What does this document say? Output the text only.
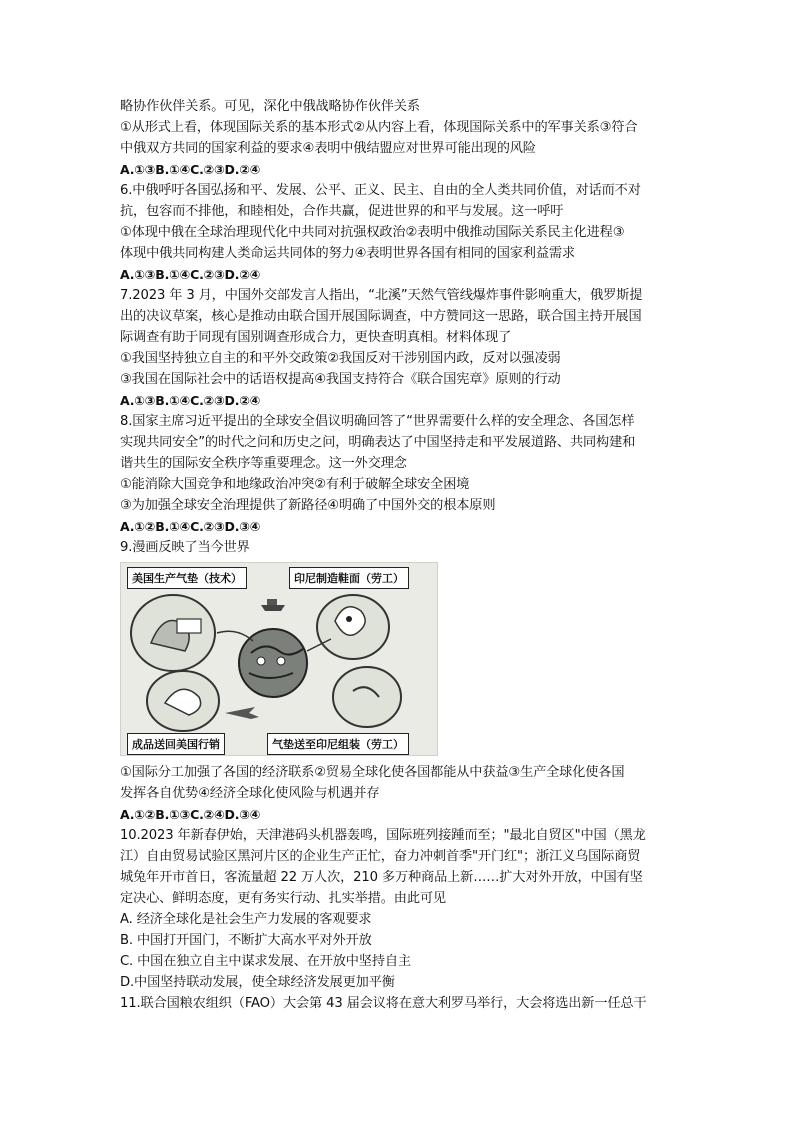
略协作伙伴关系。可见，深化中俄战略协作伙伴关系
①从形式上看，体现国际关系的基本形式②从内容上看，体现国际关系中的军事关系③符合
中俄双方共同的国家利益的要求④表明中俄结盟应对世界可能出现的风险
A.①③B.①④C.②③D.②④
6.中俄呼吁各国弘扬和平、发展、公平、正义、民主、自由的全人类共同价值，对话而不对
抗，包容而不排他，和睦相处，合作共赢，促进世界的和平与发展。这一呼吁
①体现中俄在全球治理现代化中共同对抗强权政治②表明中俄推动国际关系民主化进程③
体现中俄共同构建人类命运共同体的努力④表明世界各国有相同的国家利益需求
A.①③B.①④C.②③D.②④
7.2023 年 3 月，中国外交部发言人指出，“北溪”天然气管线爆炸事件影响重大，俄罗斯提
出的决议草案，核心是推动由联合国开展国际调查，中方赞同这一思路，联合国主持开展国
际调查有助于同现有国别调查形成合力，更快查明真相。材料体现了
①我国坚持独立自主的和平外交政策②我国反对干涉别国内政，反对以强凌弱
③我国在国际社会中的话语权提高④我国支持符合《联合国宪章》原则的行动
A.①③B.①④C.②③D.②④
8.国家主席习近平提出的全球安全倡议明确回答了“世界需要什么样的安全理念、各国怎样
实现共同安全”的时代之问和历史之问，明确表达了中国坚持走和平发展道路、共同构建和
谐共生的国际安全秩序等重要理念。这一外交理念
①能消除大国竞争和地缘政治冲突②有利于破解全球安全困境
③为加强全球安全治理提供了新路径④明确了中国外交的根本原则
A.①②B.①④C.②③D.③④
9.漫画反映了当今世界
美国生产气垫（技术）	印尼制造鞋面（劳工）
成品送回美国行销	气垫送至印尼组装（劳工）
①国际分工加强了各国的经济联系②贸易全球化使各国都能从中获益③生产全球化使各国
发挥各自优势④经济全球化使风险与机遇并存
A.①②B.①③C.②④D.③④
10.2023 年新春伊始，天津港码头机器轰鸣，国际班列接踵而至；"最北自贸区"中国（黑龙
江）自由贸易试验区黑河片区的企业生产正忙，奋力冲刺首季"开门红"；浙江义乌国际商贸
城兔年开市首日，客流量超 22 万人次，210 多万种商品上新……扩大对外开放，中国有坚
定决心、鲜明态度，更有务实行动、扎实举措。由此可见
A. 经济全球化是社会生产力发展的客观要求
B. 中国打开国门，不断扩大高水平对外开放
C. 中国在独立自主中谋求发展、在开放中坚持自主
D.中国坚持联动发展，使全球经济发展更加平衡
11.联合国粮农组织（FAO）大会第 43 届会议将在意大利罗马举行，大会将选出新一任总干
